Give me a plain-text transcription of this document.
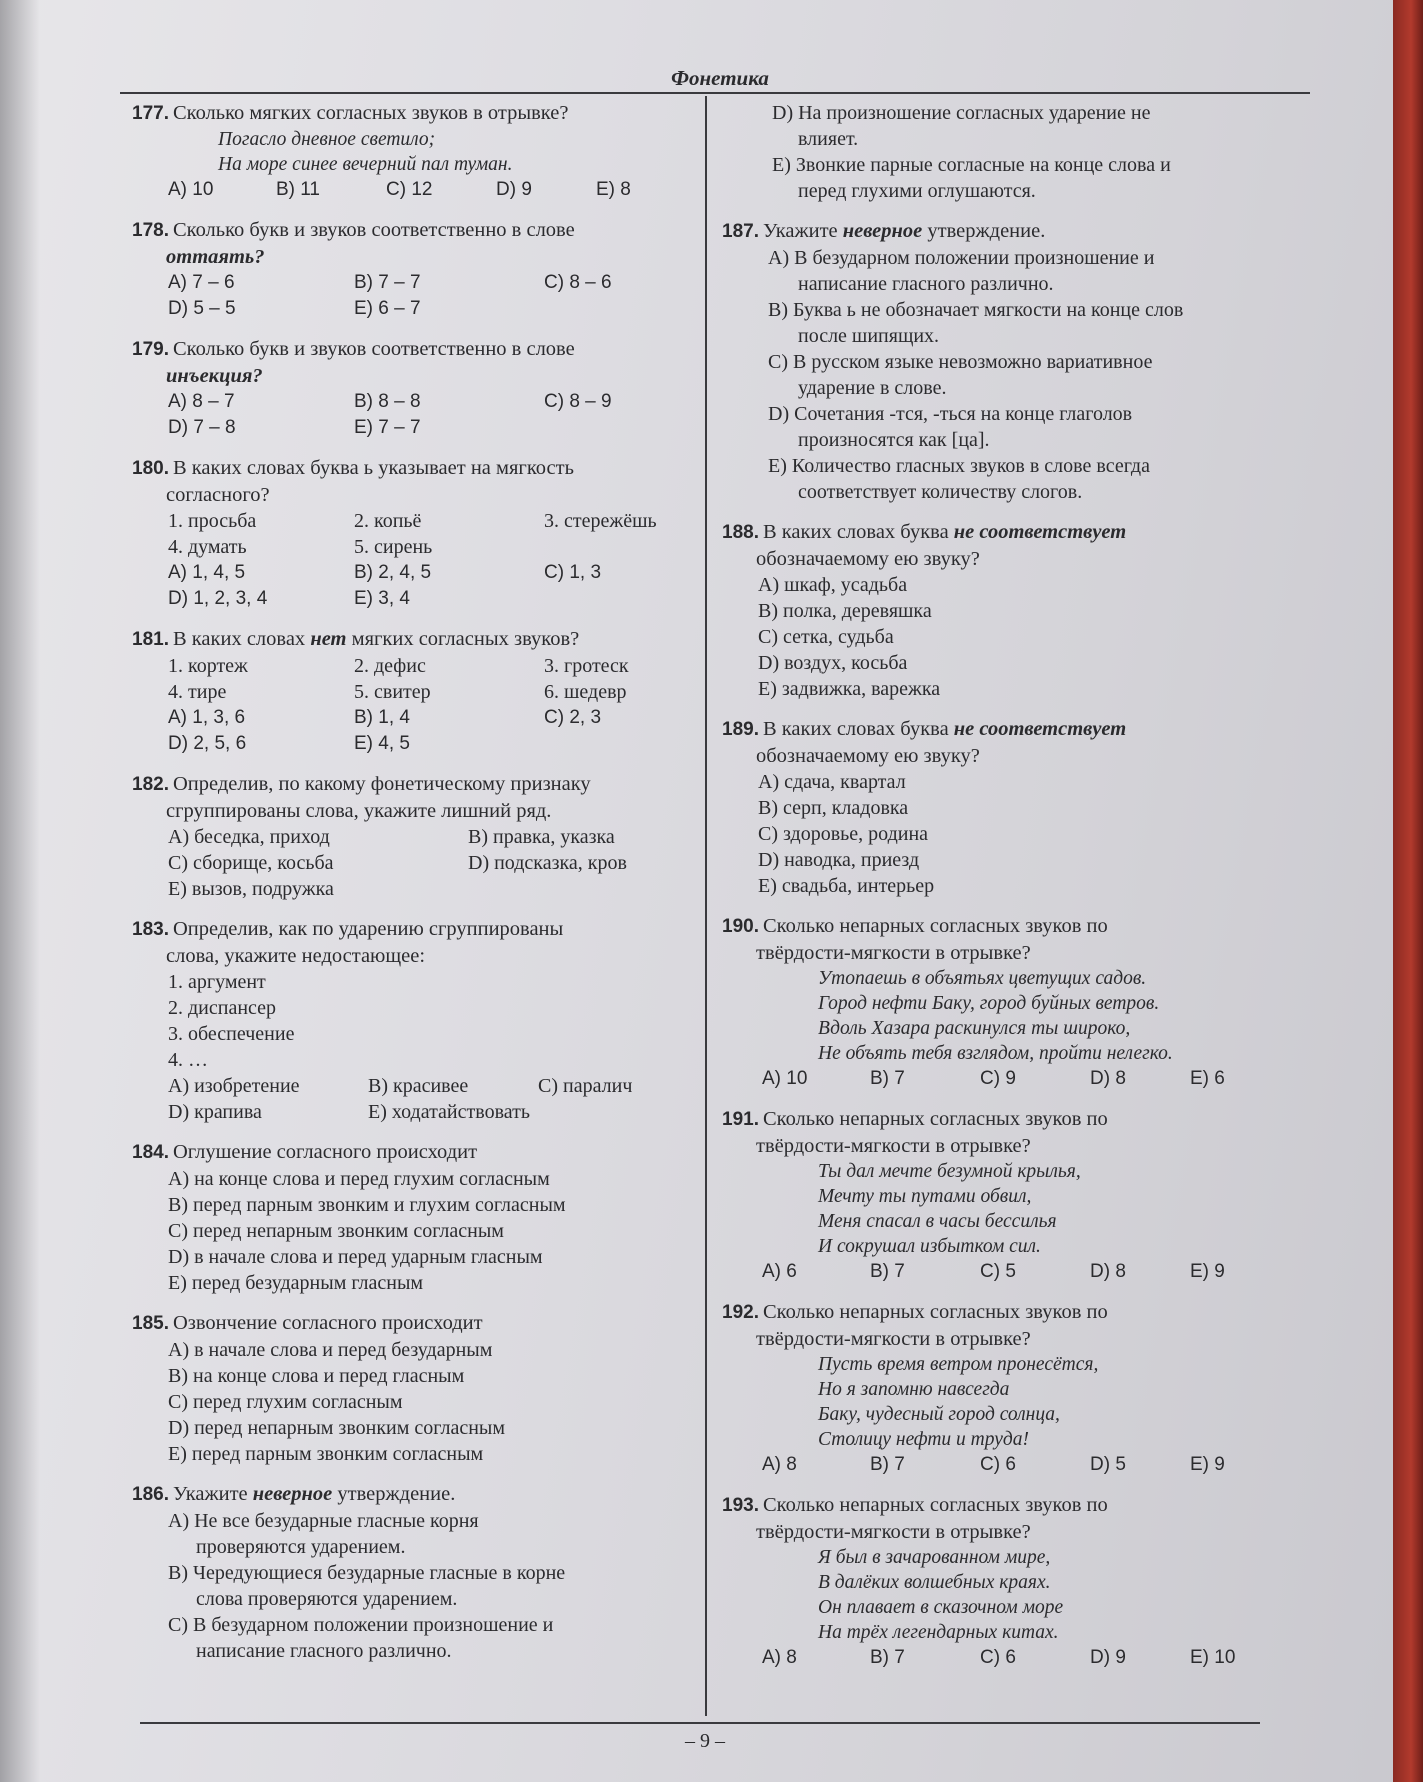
Фонетика
– 9 –
177. Сколько мягких согласных звуков в отрывке?
Погасло дневное светило;
На море синее вечерний пал туман.
A) 10	B) 11	C) 12	D) 9	E) 8
178. Сколько букв и звуков соответственно в слове
оттаять?
A) 7 – 6	B) 7 – 7	C) 8 – 6
D) 5 – 5	E) 6 – 7
179. Сколько букв и звуков соответственно в слове
инъекция?
A) 8 – 7	B) 8 – 8	C) 8 – 9
D) 7 – 8	E) 7 – 7
180. В каких словах буква ь указывает на мягкость
согласного?
1. просьба	2. копьё	3. стережёшь
4. думать	5. сирень
A) 1, 4, 5	B) 2, 4, 5	C) 1, 3
D) 1, 2, 3, 4	E) 3, 4
181. В каких словах нет мягких согласных звуков?
1. кортеж	2. дефис	3. гротеск
4. тире	5. свитер	6. шедевр
A) 1, 3, 6	B) 1, 4	C) 2, 3
D) 2, 5, 6	E) 4, 5
182. Определив, по какому фонетическому признаку
сгруппированы слова, укажите лишний ряд.
A) беседка, приход	B) правка, указка
C) сборище, косьба	D) подсказка, кров
E) вызов, подружка
183. Определив, как по ударению сгруппированы
слова, укажите недостающее:
1. аргумент
2. диспансер
3. обеспечение
4. …
A) изобретение	B) красивее	C) паралич
D) крапива	E) ходатайствовать
184. Оглушение согласного происходит
A) на конце слова и перед глухим согласным
B) перед парным звонким и глухим согласным
C) перед непарным звонким согласным
D) в начале слова и перед ударным гласным
E) перед безударным гласным
185. Озвончение согласного происходит
A) в начале слова и перед безударным
B) на конце слова и перед гласным
C) перед глухим согласным
D) перед непарным звонким согласным
E) перед парным звонким согласным
186. Укажите неверное утверждение.
A) Не все безударные гласные корня
проверяются ударением.
B) Чередующиеся безударные гласные в корне
слова проверяются ударением.
C) В безударном положении произношение и
написание гласного различно.
D) На произношение согласных ударение не
влияет.
E) Звонкие парные согласные на конце слова и
перед глухими оглушаются.
187. Укажите неверное утверждение.
A) В безударном положении произношение и
написание гласного различно.
B) Буква ь не обозначает мягкости на конце слов
после шипящих.
C) В русском языке невозможно вариативное
ударение в слове.
D) Сочетания -тся, -ться на конце глаголов
произносятся как [ца].
E) Количество гласных звуков в слове всегда
соответствует количеству слогов.
188. В каких словах буква не соответствует
обозначаемому ею звуку?
A) шкаф, усадьба
B) полка, деревяшка
C) сетка, судьба
D) воздух, косьба
E) задвижка, варежка
189. В каких словах буква не соответствует
обозначаемому ею звуку?
A) сдача, квартал
B) серп, кладовка
C) здоровье, родина
D) наводка, приезд
E) свадьба, интерьер
190. Сколько непарных согласных звуков по
твёрдости-мягкости в отрывке?
Утопаешь в объятьях цветущих садов.
Город нефти Баку, город буйных ветров.
Вдоль Хазара раскинулся ты широко,
Не объять тебя взглядом, пройти нелегко.
A) 10	B) 7	C) 9	D) 8	E) 6
191. Сколько непарных согласных звуков по
твёрдости-мягкости в отрывке?
Ты дал мечте безумной крылья,
Мечту ты путами обвил,
Меня спасал в часы бессилья
И сокрушал избытком сил.
A) 6	B) 7	C) 5	D) 8	E) 9
192. Сколько непарных согласных звуков по
твёрдости-мягкости в отрывке?
Пусть время ветром пронесётся,
Но я запомню навсегда
Баку, чудесный город солнца,
Столицу нефти и труда!
A) 8	B) 7	C) 6	D) 5	E) 9
193. Сколько непарных согласных звуков по
твёрдости-мягкости в отрывке?
Я был в зачарованном мире,
В далёких волшебных краях.
Он плавает в сказочном море
На трёх легендарных китах.
A) 8	B) 7	C) 6	D) 9	E) 10
